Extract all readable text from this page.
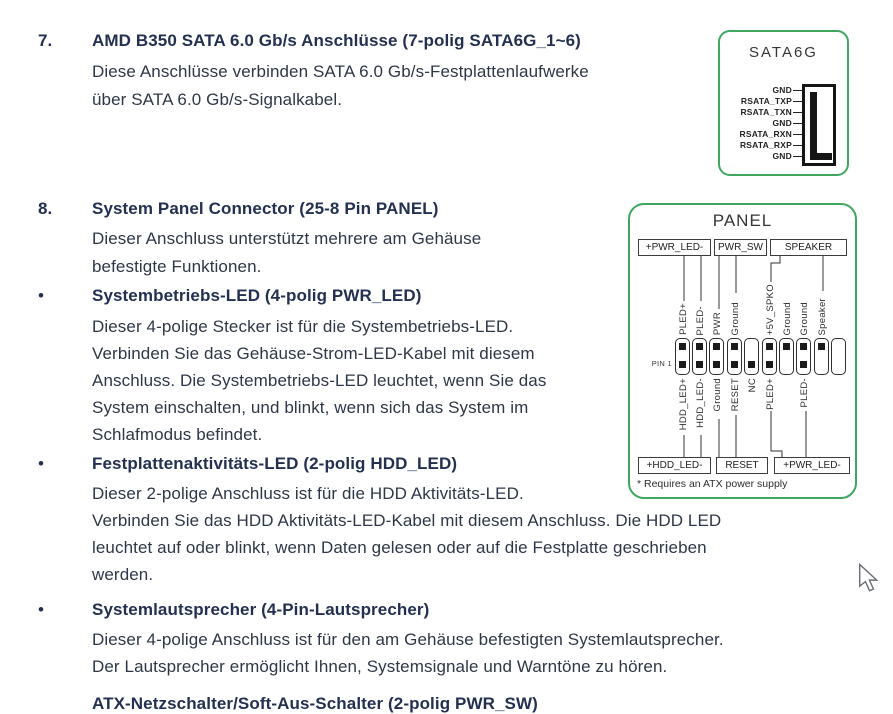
7. AMD B350 SATA 6.0 Gb/s Anschlüsse (7-polig SATA6G_1~6)
Diese Anschlüsse verbinden SATA 6.0 Gb/s-Festplattenlaufwerke
über SATA 6.0 Gb/s-Signalkabel.
8. System Panel Connector (25-8 Pin PANEL)
Dieser Anschluss unterstützt mehrere am Gehäuse
befestigte Funktionen.
•	Systembetriebs-LED (4-polig PWR_LED)
Dieser 4-polige Stecker ist für die Systembetriebs-LED.
Verbinden Sie das Gehäuse-Strom-LED-Kabel mit diesem
Anschluss. Die Systembetriebs-LED leuchtet, wenn Sie das
System einschalten, und blinkt, wenn sich das System im
Schlafmodus befindet.
•	Festplattenaktivitäts-LED (2-polig HDD_LED)
Dieser 2-polige Anschluss ist für die HDD Aktivitäts-LED.
Verbinden Sie das HDD Aktivitäts-LED-Kabel mit diesem Anschluss. Die HDD LED
leuchtet auf oder blinkt, wenn Daten gelesen oder auf die Festplatte geschrieben
werden.
•	Systemlautsprecher (4-Pin-Lautsprecher)
Dieser 4-polige Anschluss ist für den am Gehäuse befestigten Systemlautsprecher.
Der Lautsprecher ermöglicht Ihnen, Systemsignale und Warntöne zu hören.
ATX-Netzschalter/Soft-Aus-Schalter (2-polig PWR_SW)
SATA6G
GND
RSATA_TXP
RSATA_TXN
GND
RSATA_RXN
RSATA_RXP
GND
PANEL
+PWR_LED-	PWR_SW	SPEAKER
PLED+ PLED- PWR Ground	+5V_SPKO Ground Ground Speaker
PIN 1
HDD_LED+ HDD_LED- Ground RESET NC PLED+ PLED-
+HDD_LED-	RESET	+PWR_LED-
* Requires an ATX power supply
